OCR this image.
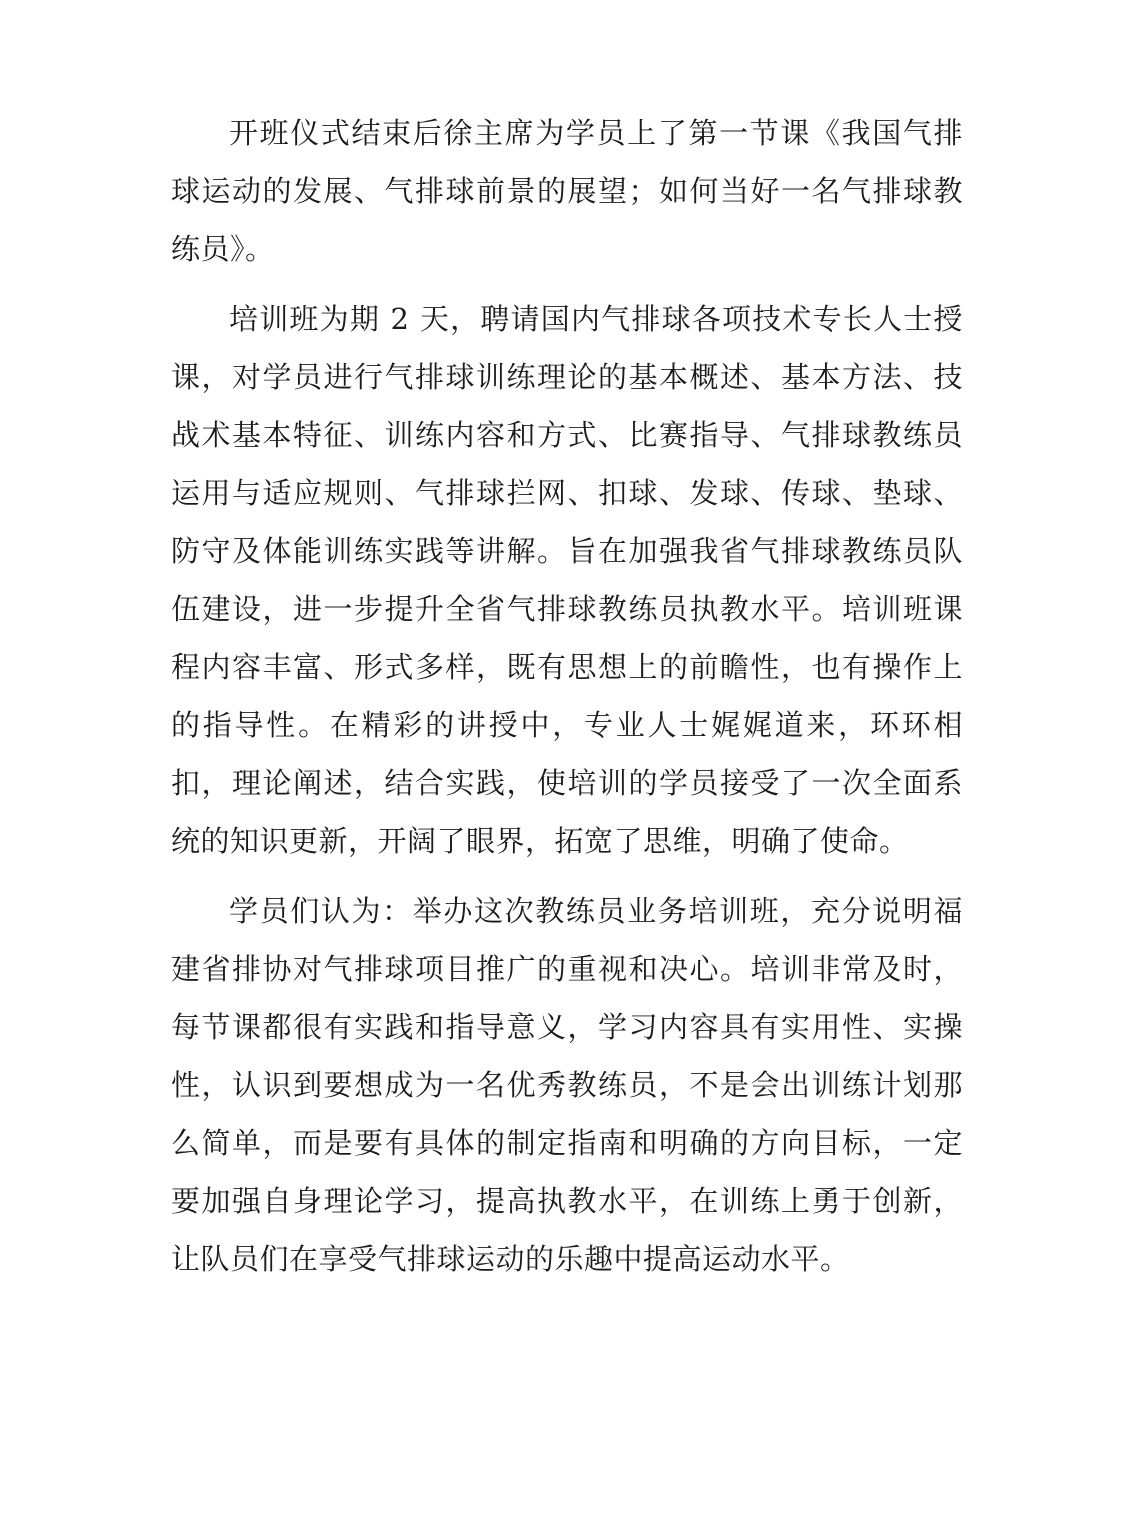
开班仪式结束后徐主席为学员上了第一节课《我国气排球运动的发展、气排球前景的展望；如何当好一名气排球教练员》。

培训班为期 2 天，聘请国内气排球各项技术专长人士授课，对学员进行气排球训练理论的基本概述、基本方法、技战术基本特征、训练内容和方式、比赛指导、气排球教练员运用与适应规则、气排球拦网、扣球、发球、传球、垫球、防守及体能训练实践等讲解。旨在加强我省气排球教练员队伍建设，进一步提升全省气排球教练员执教水平。培训班课程内容丰富、形式多样，既有思想上的前瞻性，也有操作上的指导性。在精彩的讲授中，专业人士娓娓道来，环环相扣，理论阐述，结合实践，使培训的学员接受了一次全面系统的知识更新，开阔了眼界，拓宽了思维，明确了使命。

学员们认为：举办这次教练员业务培训班，充分说明福建省排协对气排球项目推广的重视和决心。培训非常及时，每节课都很有实践和指导意义，学习内容具有实用性、实操性，认识到要想成为一名优秀教练员，不是会出训练计划那么简单，而是要有具体的制定指南和明确的方向目标，一定要加强自身理论学习，提高执教水平，在训练上勇于创新，让队员们在享受气排球运动的乐趣中提高运动水平。
